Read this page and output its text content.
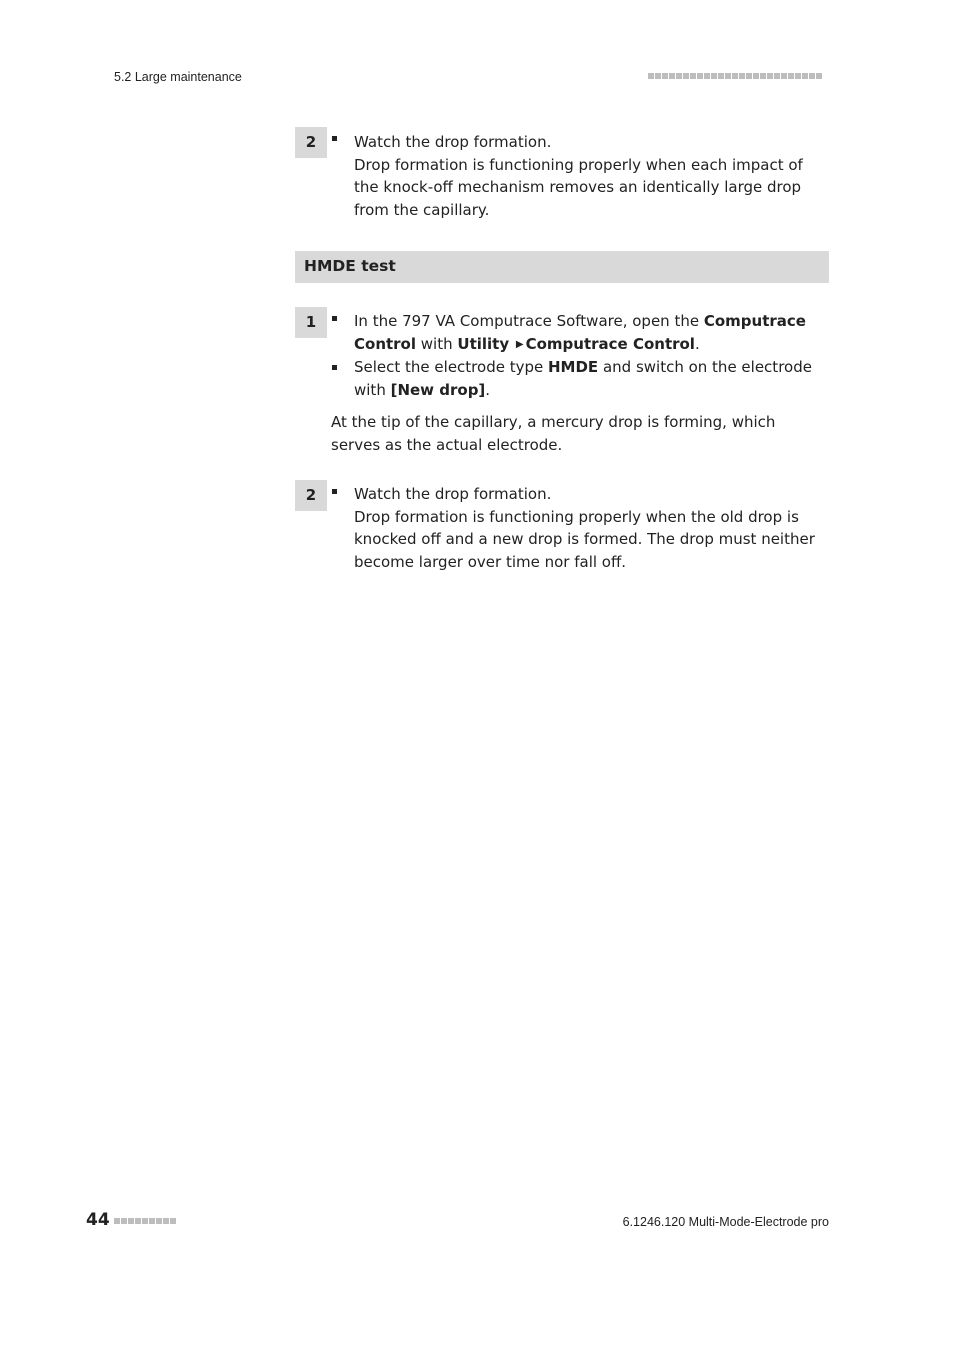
5.2 Large maintenance
2	Watch the drop formation.
Drop formation is functioning properly when each impact of the knock-off mechanism removes an identically large drop from the capillary.
HMDE test
1	In the 797 VA Computrace Software, open the Computrace Control with Utility ▶ Computrace Control.
Select the electrode type HMDE and switch on the electrode with [New drop].
At the tip of the capillary, a mercury drop is forming, which serves as the actual electrode.
2	Watch the drop formation.
Drop formation is functioning properly when the old drop is knocked off and a new drop is formed. The drop must neither become larger over time nor fall off.
44	6.1246.120 Multi-Mode-Electrode pro
